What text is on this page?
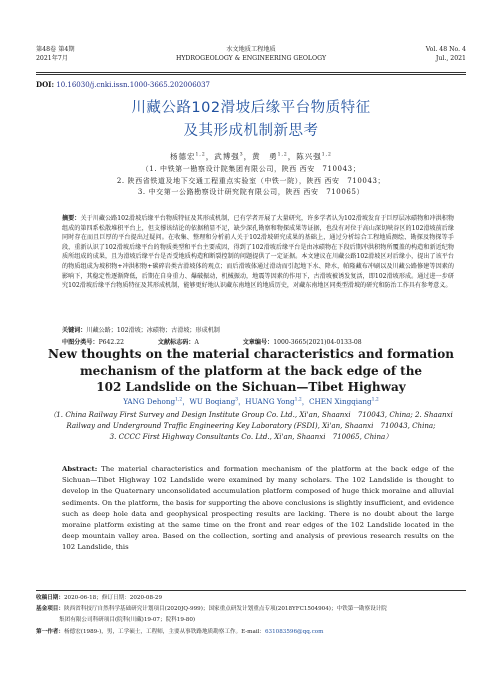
第48卷 第4期
2021年7月
水文地质工程地质
HYDROGEOLOGY & ENGINEERING GEOLOGY
Vol. 48 No. 4
Jul., 2021
DOI: 10.16030/j.cnki.issn.1000-3665.202006037
川藏公路102滑坡后缘平台物质特征
及其形成机制新思考
杨德宏$^{1,2}$，武博强$^3$，黄　勇$^{1,2}$，陈兴强$^{1,2}$
（1. 中铁第一勘察设计院集团有限公司，陕西 西安　710043；
2. 陕西省铁道及地下交通工程重点实验室（中铁一院），陕西 西安　710043；
3. 中交第一公路勘察设计研究院有限公司，陕西 西安　710065）
摘要：关于川藏公路102滑坡后缘平台物质特征及其形成机制，已有学者开展了大量研究，许多学者认为102滑坡发育于巨厚层冰碛物和冲洪积物组成的第四系松散堆积平台上，但支撑该结论的依据稍显不足，缺少深孔勘察和物探成果等证据，也没有对位于高山深切峡谷区的102滑坡前后缘同时存在而且巨厚的平台提出过疑问。在收集、整理和分析前人关于102滑坡研究成果的基础上，通过分析综合工程地质测绘、勘探及物探等手段，重新认识了102滑坡后缘平台的物质类型和平台主要成因，得到了102滑坡后缘平台是由冰碛物在下段后期冲洪积物所覆盖的构造和新近纪物质所组成的成果，且为滑坡后缘平台是否受地质构造和断裂控制的问题提供了一定证据。本文建议在川藏公路102滑坡区对后缘小，提出了该平台的物质组成为坡积物+冲洪积物+碳碎岩类古滑坡体的观点；而后滑坡体通过滑动而引起地下水、降水，帕隆藏布冲刷以及川藏公路修建等因素的影响下，其稳定性逐渐降低，后期在自身重力、爆破振动，机械振动，地震等因素的作用下，古滑坡被诱发复活，即102滑坡形成。通过进一步研究102滑坡后缘平台物质特征及其形成机制，能够更好地认识藏东南地区的地质历史，对藏东南地区同类型滑坡的研究和防治工作具有参考意义。
关键词：川藏公路；102滑坡；冰碛物；古滑坡；形成机制
中图分类号：P642.22	文献标志码：A	文章编号：1000-3665(2021)04-0133-08
New thoughts on the material characteristics and formation
mechanism of the platform at the back edge of the
102 Landslide on the Sichuan—Tibet Highway
YANG Dehong$^{1,2}$，WU Boqiang$^3$，HUANG Yong$^{1,2}$，CHEN Xingqiang$^{1,2}$
（1. China Railway First Survey and Design Institute Group Co. Ltd., Xi'an, Shaanxi　710043, China; 2. Shaanxi
Railway and Underground Traffic Engineering Key Laboratory (FSDI), Xi'an, Shaanxi　710043, China;
3. CCCC First Highway Consultants Co. Ltd., Xi'an, Shaanxi　710065, China）
Abstract: The material characteristics and formation mechanism of the platform at the back edge of the Sichuan—Tibet Highway 102 Landslide were examined by many scholars. The 102 Landslide is thought to develop in the Quaternary unconsolidated accumulation platform composed of huge thick moraine and alluvial sediments. On the platform, the basis for supporting the above conclusions is slightly insufficient, and evidence such as deep hole data and geophysical prospecting results are lacking. There is no doubt about the large moraine platform existing at the same time on the front and rear edges of the 102 Landslide located in the deep mountain valley area. Based on the collection, sorting and analysis of previous research results on the 102 Landslide, this
收稿日期：2020-06-18；修订日期：2020-08-29
基金项目：陕西省科技厅自然科学基础研究计划项目(2020JQ-999)；国家重点研发计划重点专项(2018YFC1504904)；中铁第一勘察设计院
集团有限公司科研项目(院科(川藏)19-07；院科19-80)
第一作者：杨德宏(1989-)，男，工学硕士，工程师，主要从事铁路地质勘察工作。E-mail：631083596@qq.com
